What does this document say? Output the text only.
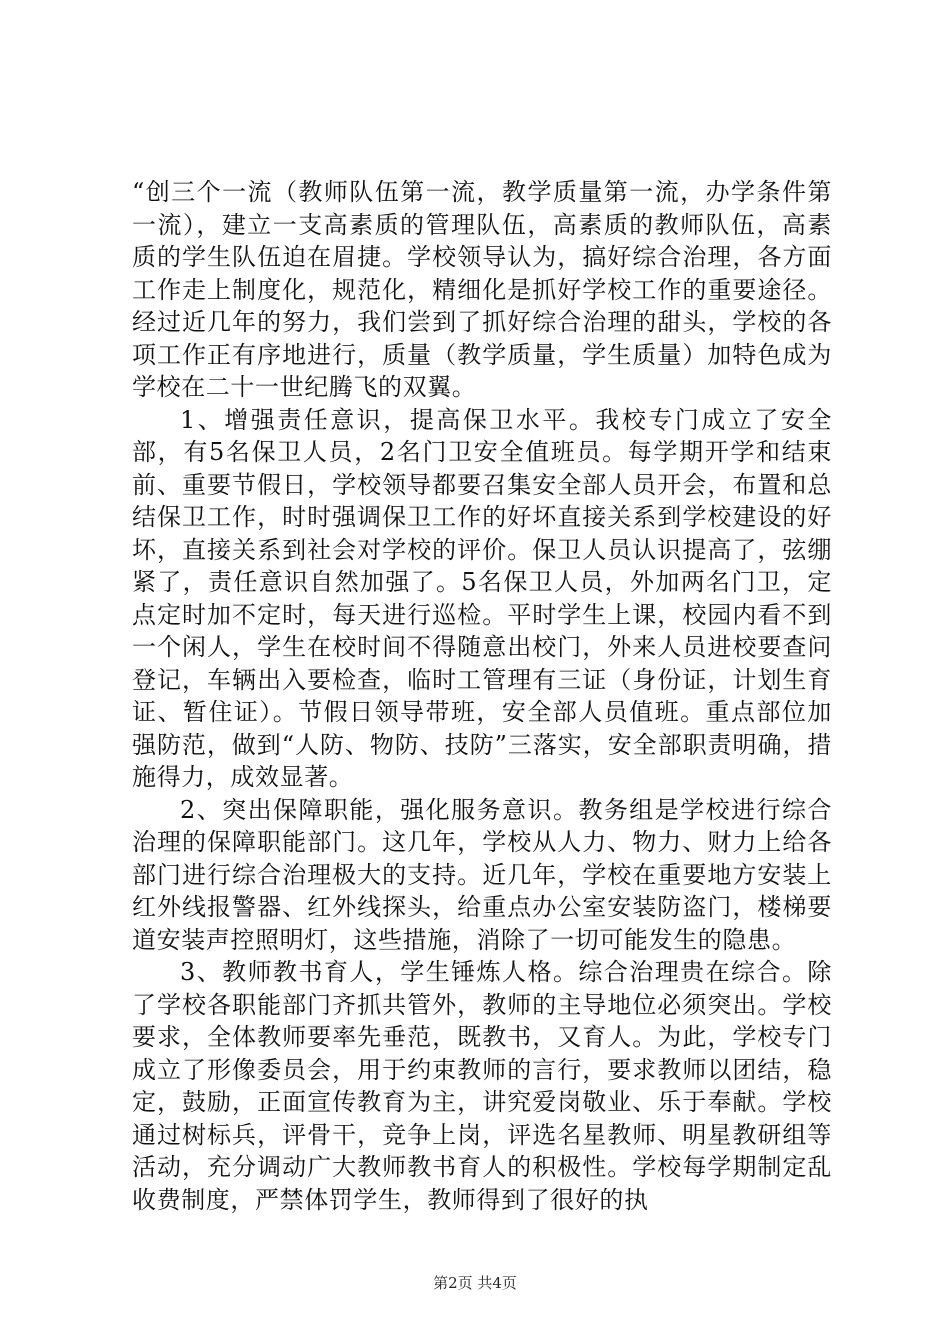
“创三个一流（教师队伍第一流，教学质量第一流，办学条件第一流），建立一支高素质的管理队伍，高素质的教师队伍，高素质的学生队伍迫在眉捷。学校领导认为，搞好综合治理，各方面工作走上制度化，规范化，精细化是抓好学校工作的重要途径。经过近几年的努力，我们尝到了抓好综合治理的甜头，学校的各项工作正有序地进行，质量（教学质量，学生质量）加特色成为学校在二十一世纪腾飞的双翼。

1、增强责任意识，提高保卫水平。我校专门成立了安全部，有5名保卫人员，2名门卫安全值班员。每学期开学和结束前、重要节假日，学校领导都要召集安全部人员开会，布置和总结保卫工作，时时强调保卫工作的好坏直接关系到学校建设的好坏，直接关系到社会对学校的评价。保卫人员认识提高了，弦绷紧了，责任意识自然加强了。5名保卫人员，外加两名门卫，定点定时加不定时，每天进行巡检。平时学生上课，校园内看不到一个闲人，学生在校时间不得随意出校门，外来人员进校要查问登记，车辆出入要检查，临时工管理有三证（身份证，计划生育证、暂住证）。节假日领导带班，安全部人员值班。重点部位加强防范，做到“人防、物防、技防”三落实，安全部职责明确，措施得力，成效显著。

2、突出保障职能，强化服务意识。教务组是学校进行综合治理的保障职能部门。这几年，学校从人力、物力、财力上给各部门进行综合治理极大的支持。近几年，学校在重要地方安装上红外线报警器、红外线探头，给重点办公室安装防盗门，楼梯要道安装声控照明灯，这些措施，消除了一切可能发生的隐患。

3、教师教书育人，学生锤炼人格。综合治理贵在综合。除了学校各职能部门齐抓共管外，教师的主导地位必须突出。学校要求，全体教师要率先垂范，既教书，又育人。为此，学校专门成立了形像委员会，用于约束教师的言行，要求教师以团结，稳定，鼓励，正面宣传教育为主，讲究爱岗敬业、乐于奉献。学校通过树标兵，评骨干，竞争上岗，评选名星教师、明星教研组等活动，充分调动广大教师教书育人的积极性。学校每学期制定乱收费制度，严禁体罚学生，教师得到了很好的执

第2页 共4页
